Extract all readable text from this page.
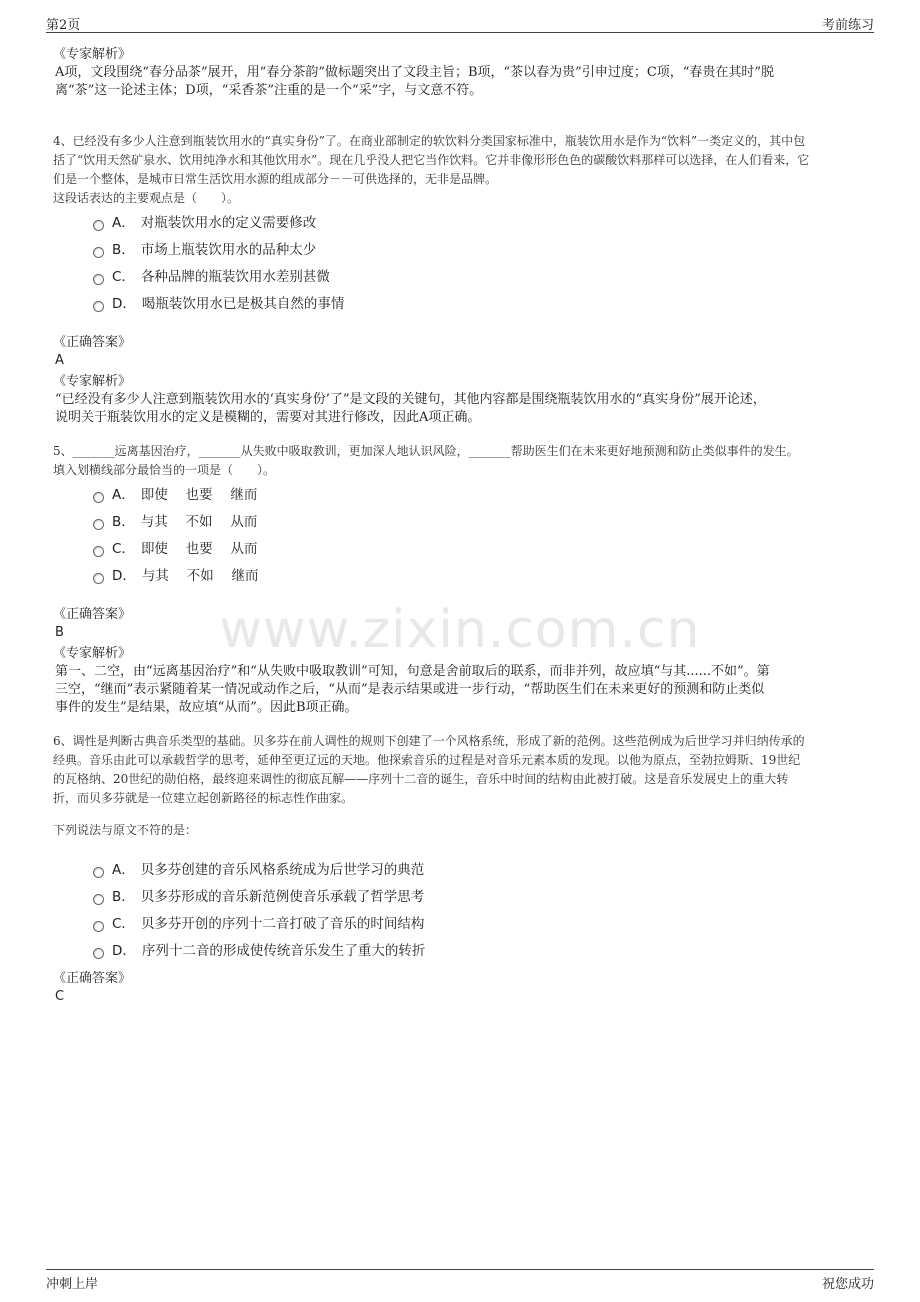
第2页	考前练习
www.zixin.com.cn
《专家解析》
A项，文段围绕“春分品茶”展开，用“春分茶韵”做标题突出了文段主旨；B项，“茶以春为贵”引申过度；C项，“春贵在其时”脱
离“茶”这一论述主体；D项，“采香茶”注重的是一个“采”字，与文意不符。
4、已经没有多少人注意到瓶装饮用水的“真实身份”了。在商业部制定的软饮料分类国家标准中，瓶装饮用水是作为“饮料”一类定义的，其中包
括了“饮用天然矿泉水、饮用纯净水和其他饮用水”。现在几乎没人把它当作饮料。它并非像形形色色的碳酸饮料那样可以选择，在人们看来，它
们是一个整体，是城市日常生活饮用水源的组成部分－－可供选择的，无非是品牌。
这段话表达的主要观点是（　　）。
A． 对瓶装饮用水的定义需要修改
B． 市场上瓶装饮用水的品种太少
C． 各种品牌的瓶装饮用水差别甚微
D． 喝瓶装饮用水已是极其自然的事情
《正确答案》
A
《专家解析》
“已经没有多少人注意到瓶装饮用水的‘真实身份’了”是文段的关键句，其他内容都是围绕瓶装饮用水的“真实身份”展开论述，
说明关于瓶装饮用水的定义是模糊的，需要对其进行修改，因此A项正确。
5、_______远离基因治疗，_______从失败中吸取教训，更加深人地认识风险，_______帮助医生们在未来更好地预测和防止类似事件的发生。
填入划横线部分最恰当的一项是（　　）。
A． 即使　 也要　 继而
B． 与其　 不如　 从而
C． 即使　 也要　 从而
D． 与其　 不如　 继而
《正确答案》
B
《专家解析》
第一、二空，由“远离基因治疗”和“从失败中吸取教训”可知，句意是舍前取后的联系，而非并列，故应填“与其......不如”。第
三空，“继而”表示紧随着某一情况或动作之后，“从而”是表示结果或进一步行动，“帮助医生们在未来更好的预测和防止类似
事件的发生”是结果，故应填“从而”。因此B项正确。
6、调性是判断古典音乐类型的基础。贝多芬在前人调性的规则下创建了一个风格系统，形成了新的范例。这些范例成为后世学习并归纳传承的
经典。音乐由此可以承载哲学的思考，延伸至更辽远的天地。他探索音乐的过程是对音乐元素本质的发现。以他为原点，至勃拉姆斯、19世纪
的瓦格纳、20世纪的勋伯格，最终迎来调性的彻底瓦解——序列十二音的诞生，音乐中时间的结构由此被打破。这是音乐发展史上的重大转
折，而贝多芬就是一位建立起创新路径的标志性作曲家。
下列说法与原文不符的是：
A． 贝多芬创建的音乐风格系统成为后世学习的典范
B． 贝多芬形成的音乐新范例使音乐承载了哲学思考
C． 贝多芬开创的序列十二音打破了音乐的时间结构
D． 序列十二音的形成使传统音乐发生了重大的转折
《正确答案》
C
冲刺上岸	祝您成功
